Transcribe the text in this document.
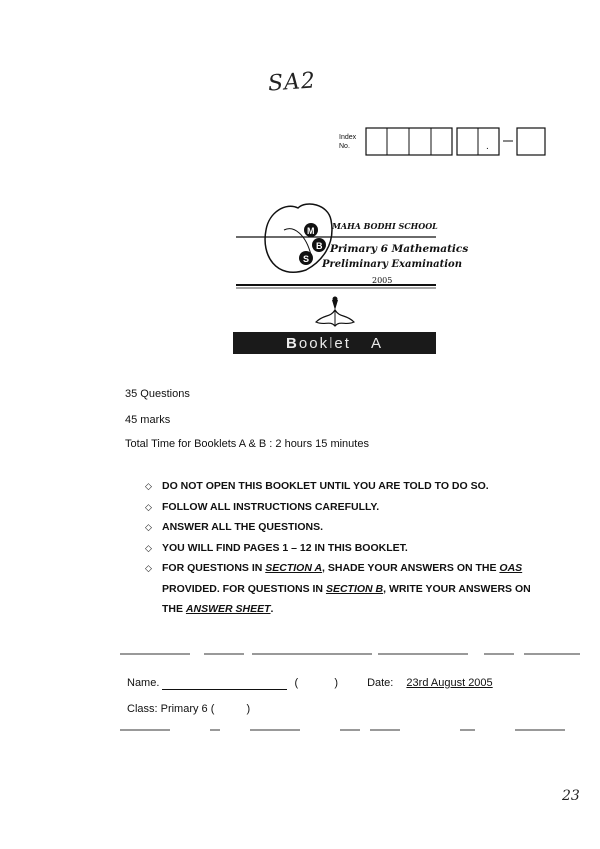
SA2
23
Index
No.	.
M
B
S
MAHA BODHI SCHOOL
Primary 6 Mathematics
Preliminary Examination
2005
Booklet A
35 Questions
45 marks
Total Time for Booklets A & B : 2 hours 15 minutes
◇ DO NOT OPEN THIS BOOKLET UNTIL YOU ARE TOLD TO DO SO.
◇ FOLLOW ALL INSTRUCTIONS CAREFULLY.
◇ ANSWER ALL THE QUESTIONS.
◇ YOU WILL FIND PAGES 1 – 12 IN THIS BOOKLET.
◇ FOR QUESTIONS IN SECTION A, SHADE YOUR ANSWERS ON THE OAS PROVIDED. FOR QUESTIONS IN SECTION B, WRITE YOUR ANSWERS ON THE ANSWER SHEET.
Name.	(	)	Date: 23rd August 2005
Class: Primary 6 (	)
